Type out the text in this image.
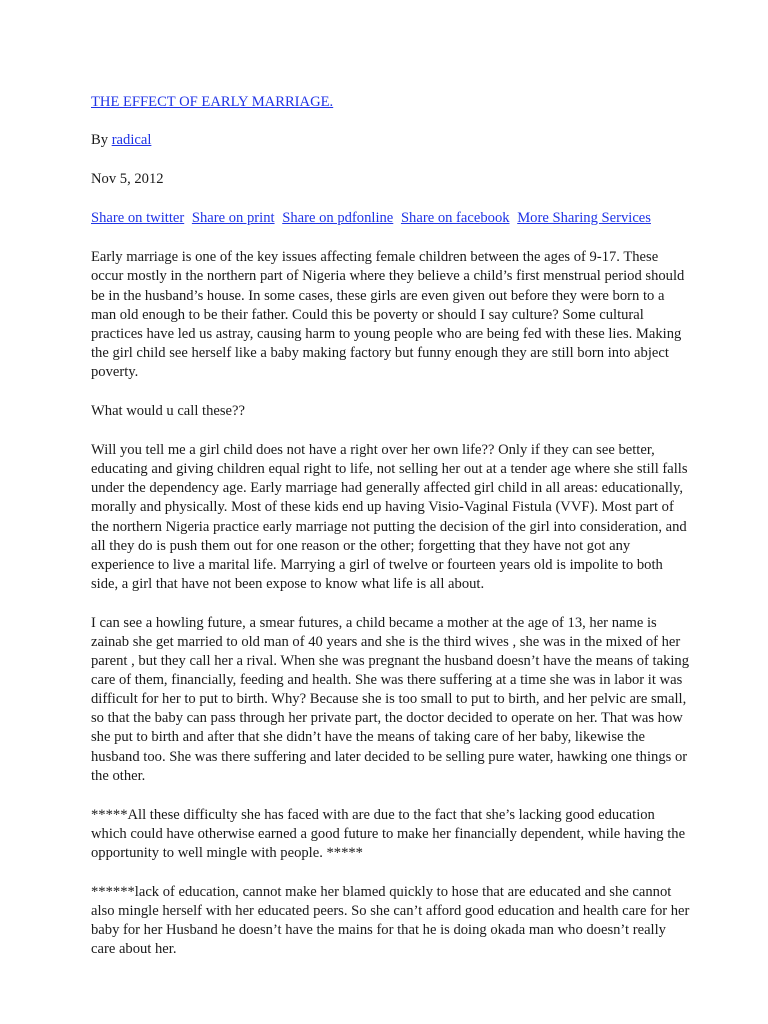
THE EFFECT OF EARLY MARRIAGE.
By radical
Nov 5, 2012
Share on twitter Share on print Share on pdfonline Share on facebook More Sharing Services

Early marriage is one of the key issues affecting female children between the ages of 9-17. These occur mostly in the northern part of Nigeria where they believe a child’s first menstrual period should be in the husband’s house. In some cases, these girls are even given out before they were born to a man old enough to be their father. Could this be poverty or should I say culture? Some cultural practices have led us astray, causing harm to young people who are being fed with these lies. Making the girl child see herself like a baby making factory but funny enough they are still born into abject poverty.

What would u call these??

Will you tell me a girl child does not have a right over her own life?? Only if they can see better, educating and giving children equal right to life, not selling her out at a tender age where she still falls under the dependency age. Early marriage had generally affected girl child in all areas: educationally, morally and physically. Most of these kids end up having Visio-Vaginal Fistula (VVF). Most part of the northern Nigeria practice early marriage not putting the decision of the girl into consideration, and all they do is push them out for one reason or the other; forgetting that they have not got any experience to live a marital life. Marrying a girl of twelve or fourteen years old is impolite to both side, a girl that have not been expose to know what life is all about.

I can see a howling future, a smear futures, a child became a mother at the age of 13, her name is zainab she get married to old man of 40 years and she is the third wives , she was in the mixed of her parent , but they call her a rival. When she was pregnant the husband doesn’t have the means of taking care of them, financially, feeding and health. She was there suffering at a time she was in labor it was difficult for her to put to birth. Why? Because she is too small to put to birth, and her pelvic are small, so that the baby can pass through her private part, the doctor decided to operate on her. That was how she put to birth and after that she didn’t have the means of taking care of her baby, likewise the husband too. She was there suffering and later decided to be selling pure water, hawking one things or the other.

*****All these difficulty she has faced with are due to the fact that she’s lacking good education which could have otherwise earned a good future to make her financially dependent, while having the opportunity to well mingle with people. *****

******lack of education, cannot make her blamed quickly to hose that are educated and she cannot also mingle herself with her educated peers. So she can’t afford good education and health care for her baby for her Husband he doesn’t have the mains for that he is doing okada man who doesn’t really care about her.
